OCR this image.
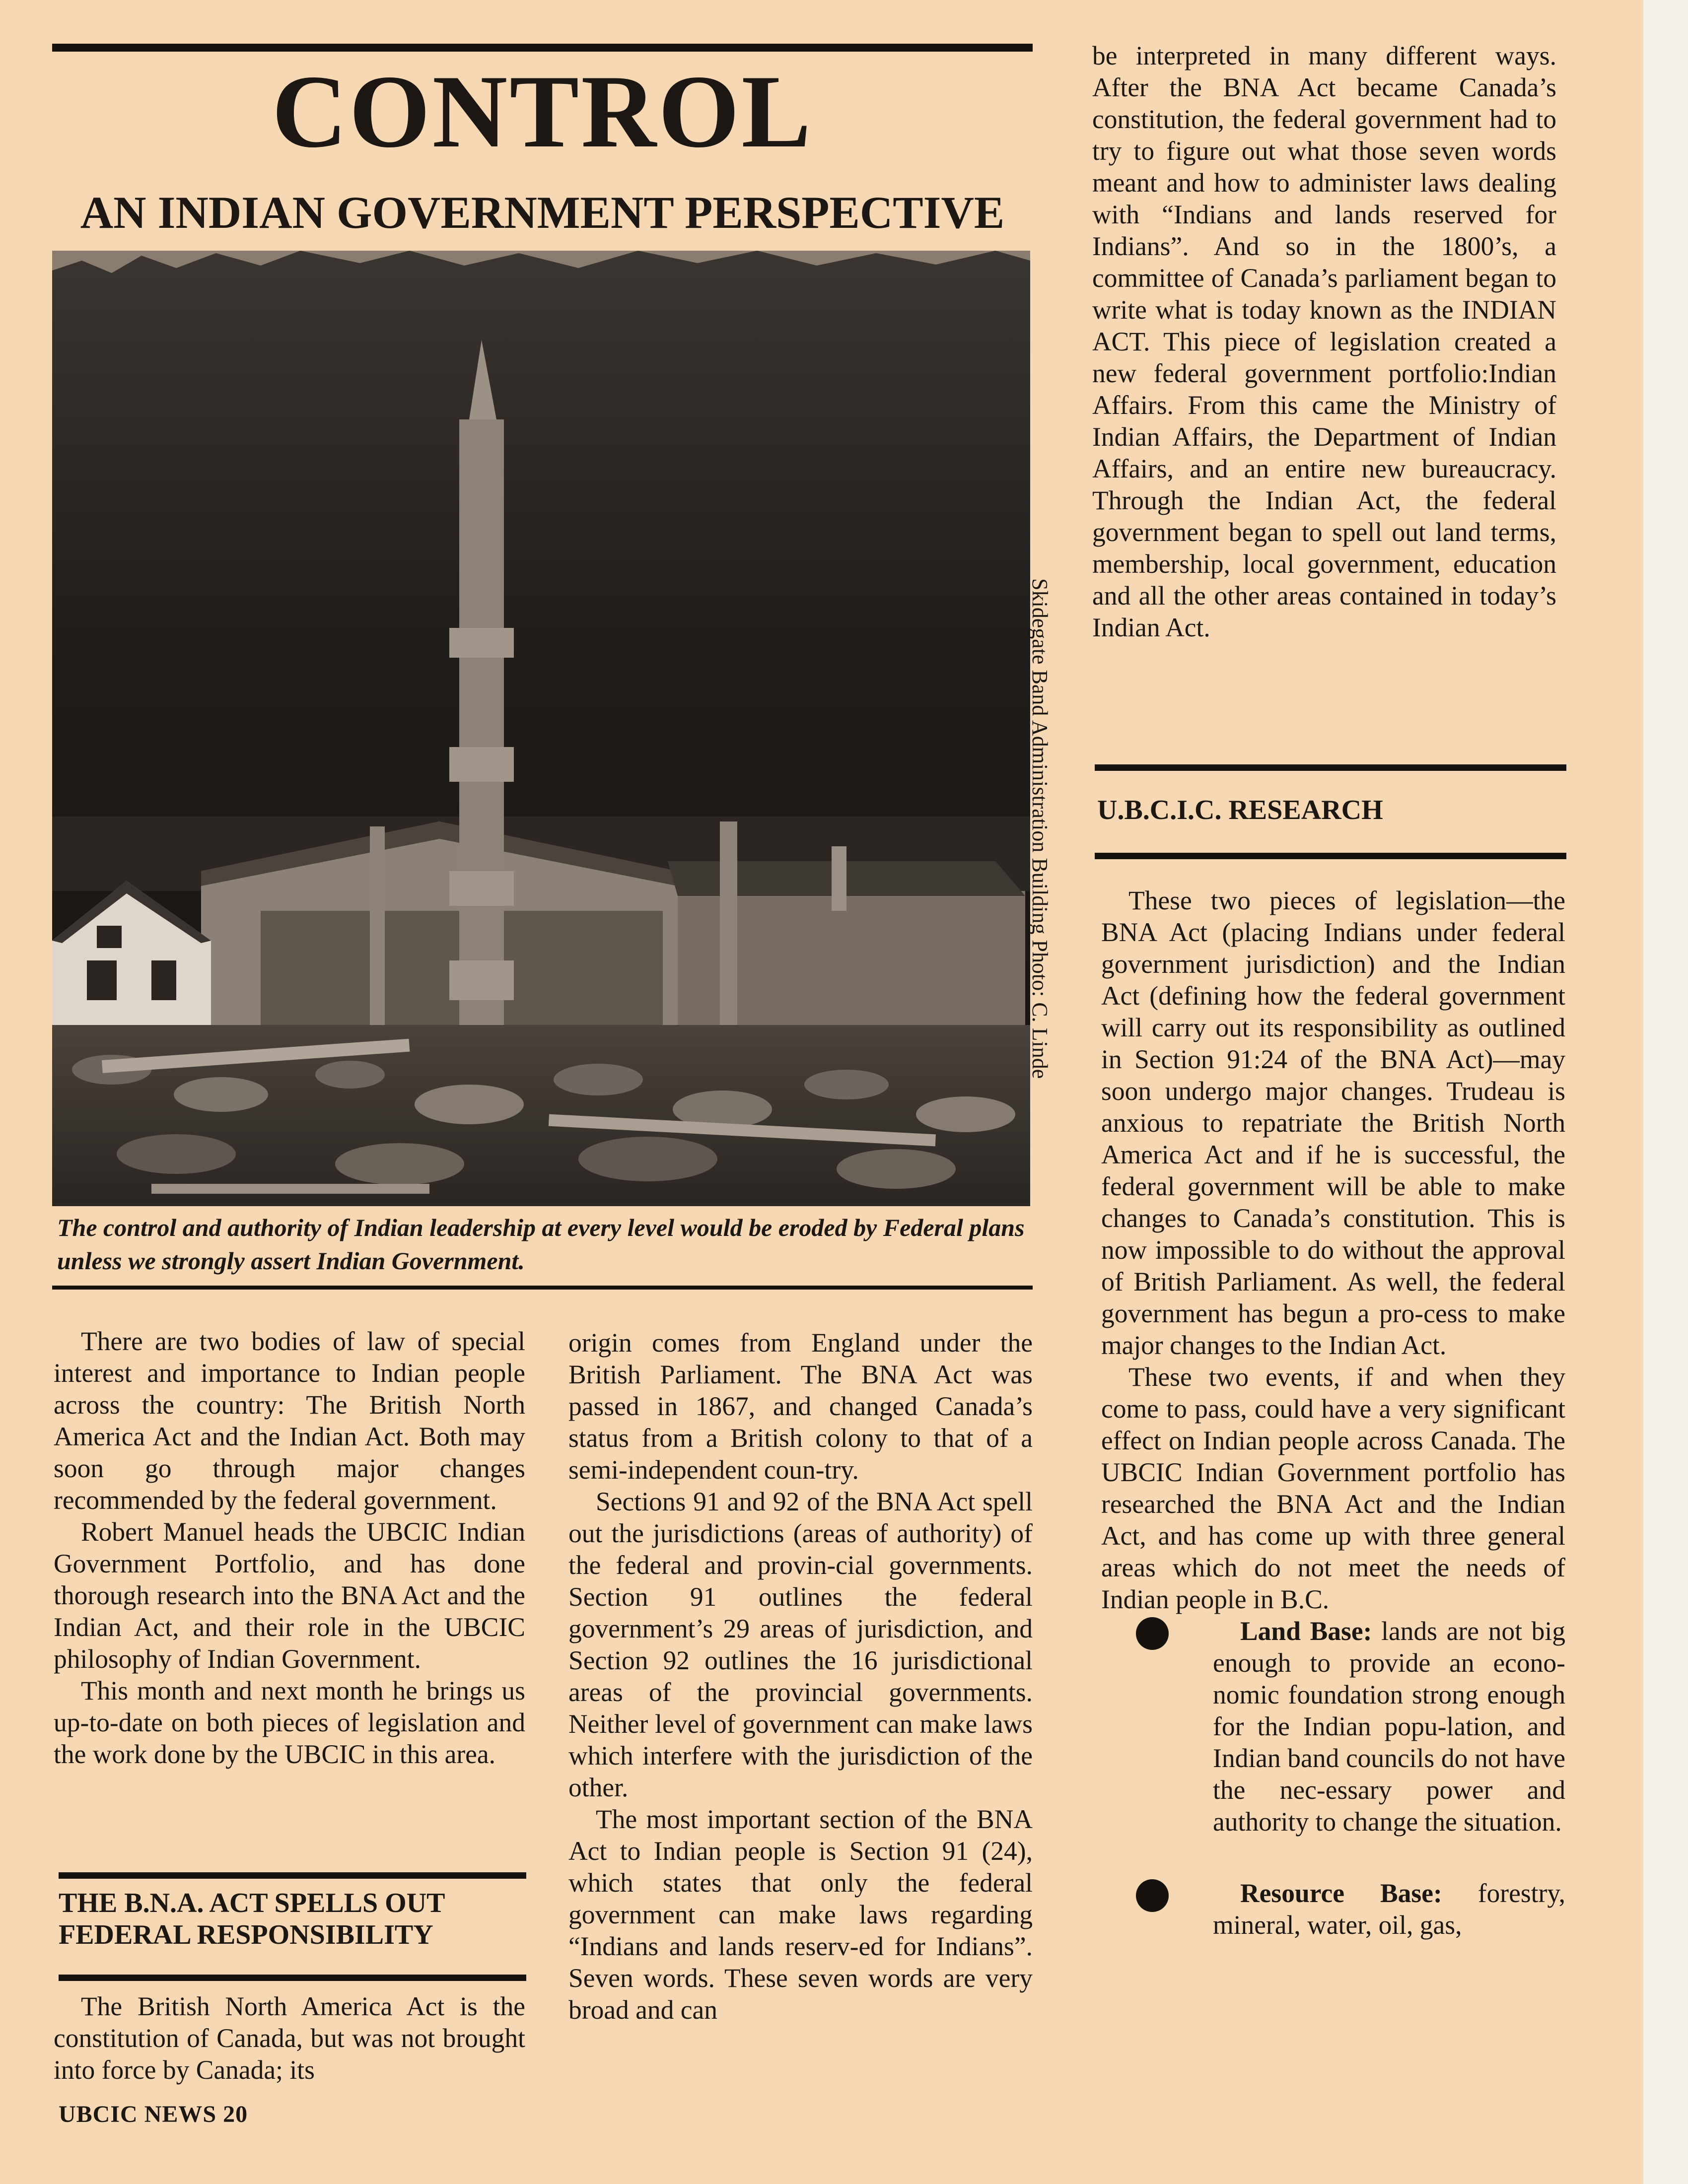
CONTROL
AN INDIAN GOVERNMENT PERSPECTIVE
Skidegate Band Administration Building Photo: C. Linde
The control and authority of Indian leadership at every level would be eroded by Federal plans unless we strongly assert Indian Government.

There are two bodies of law of special interest and importance to Indian people across the country: The British North America Act and the Indian Act. Both may soon go through major changes recommended by the federal government.

Robert Manuel heads the UBCIC Indian Government Portfolio, and has done thorough research into the BNA Act and the Indian Act, and their role in the UBCIC philosophy of Indian Government.

This month and next month he brings us up-to-date on both pieces of legislation and the work done by the UBCIC in this area.

THE B.N.A. ACT SPELLS OUT FEDERAL RESPONSIBILITY

The British North America Act is the constitution of Canada, but was not brought into force by Canada; its

origin comes from England under the British Parliament. The BNA Act was passed in 1867, and changed Canada’s status from a British colony to that of a semi-independent coun-try.

Sections 91 and 92 of the BNA Act spell out the jurisdictions (areas of authority) of the federal and provin-cial governments. Section 91 outlines the federal government’s 29 areas of jurisdiction, and Section 92 outlines the 16 jurisdictional areas of the provincial governments. Neither level of government can make laws which interfere with the jurisdiction of the other.

The most important section of the BNA Act to Indian people is Section 91 (24), which states that only the federal government can make laws regarding “Indians and lands reserv-ed for Indians”. Seven words. These seven words are very broad and can

be interpreted in many different ways. After the BNA Act became Canada’s constitution, the federal government had to try to figure out what those seven words meant and how to administer laws dealing with “Indians and lands reserved for Indians”. And so in the 1800’s, a committee of Canada’s parliament began to write what is today known as the INDIAN ACT. This piece of legislation created a new federal government portfolio:Indian Affairs. From this came the Ministry of Indian Affairs, the Department of Indian Affairs, and an entire new bureaucracy. Through the Indian Act, the federal government began to spell out land terms, membership, local government, education and all the other areas contained in today’s Indian Act.

U.B.C.I.C. RESEARCH

These two pieces of legislation—the BNA Act (placing Indians under federal government jurisdiction) and the Indian Act (defining how the federal government will carry out its responsibility as outlined in Section 91:24 of the BNA Act)—may soon undergo major changes. Trudeau is anxious to repatriate the British North America Act and if he is successful, the federal government will be able to make changes to Canada’s constitution. This is now impossible to do without the approval of British Parliament. As well, the federal government has begun a pro-cess to make major changes to the Indian Act.

These two events, if and when they come to pass, could have a very significant effect on Indian people across Canada. The UBCIC Indian Government portfolio has researched the BNA Act and the Indian Act, and has come up with three general areas which do not meet the needs of Indian people in B.C.

Land Base: lands are not big enough to provide an econo-nomic foundation strong enough for the Indian popu-lation, and Indian band councils do not have the nec-essary power and authority to change the situation.

Resource Base: forestry, mineral, water, oil, gas,

UBCIC NEWS 20
